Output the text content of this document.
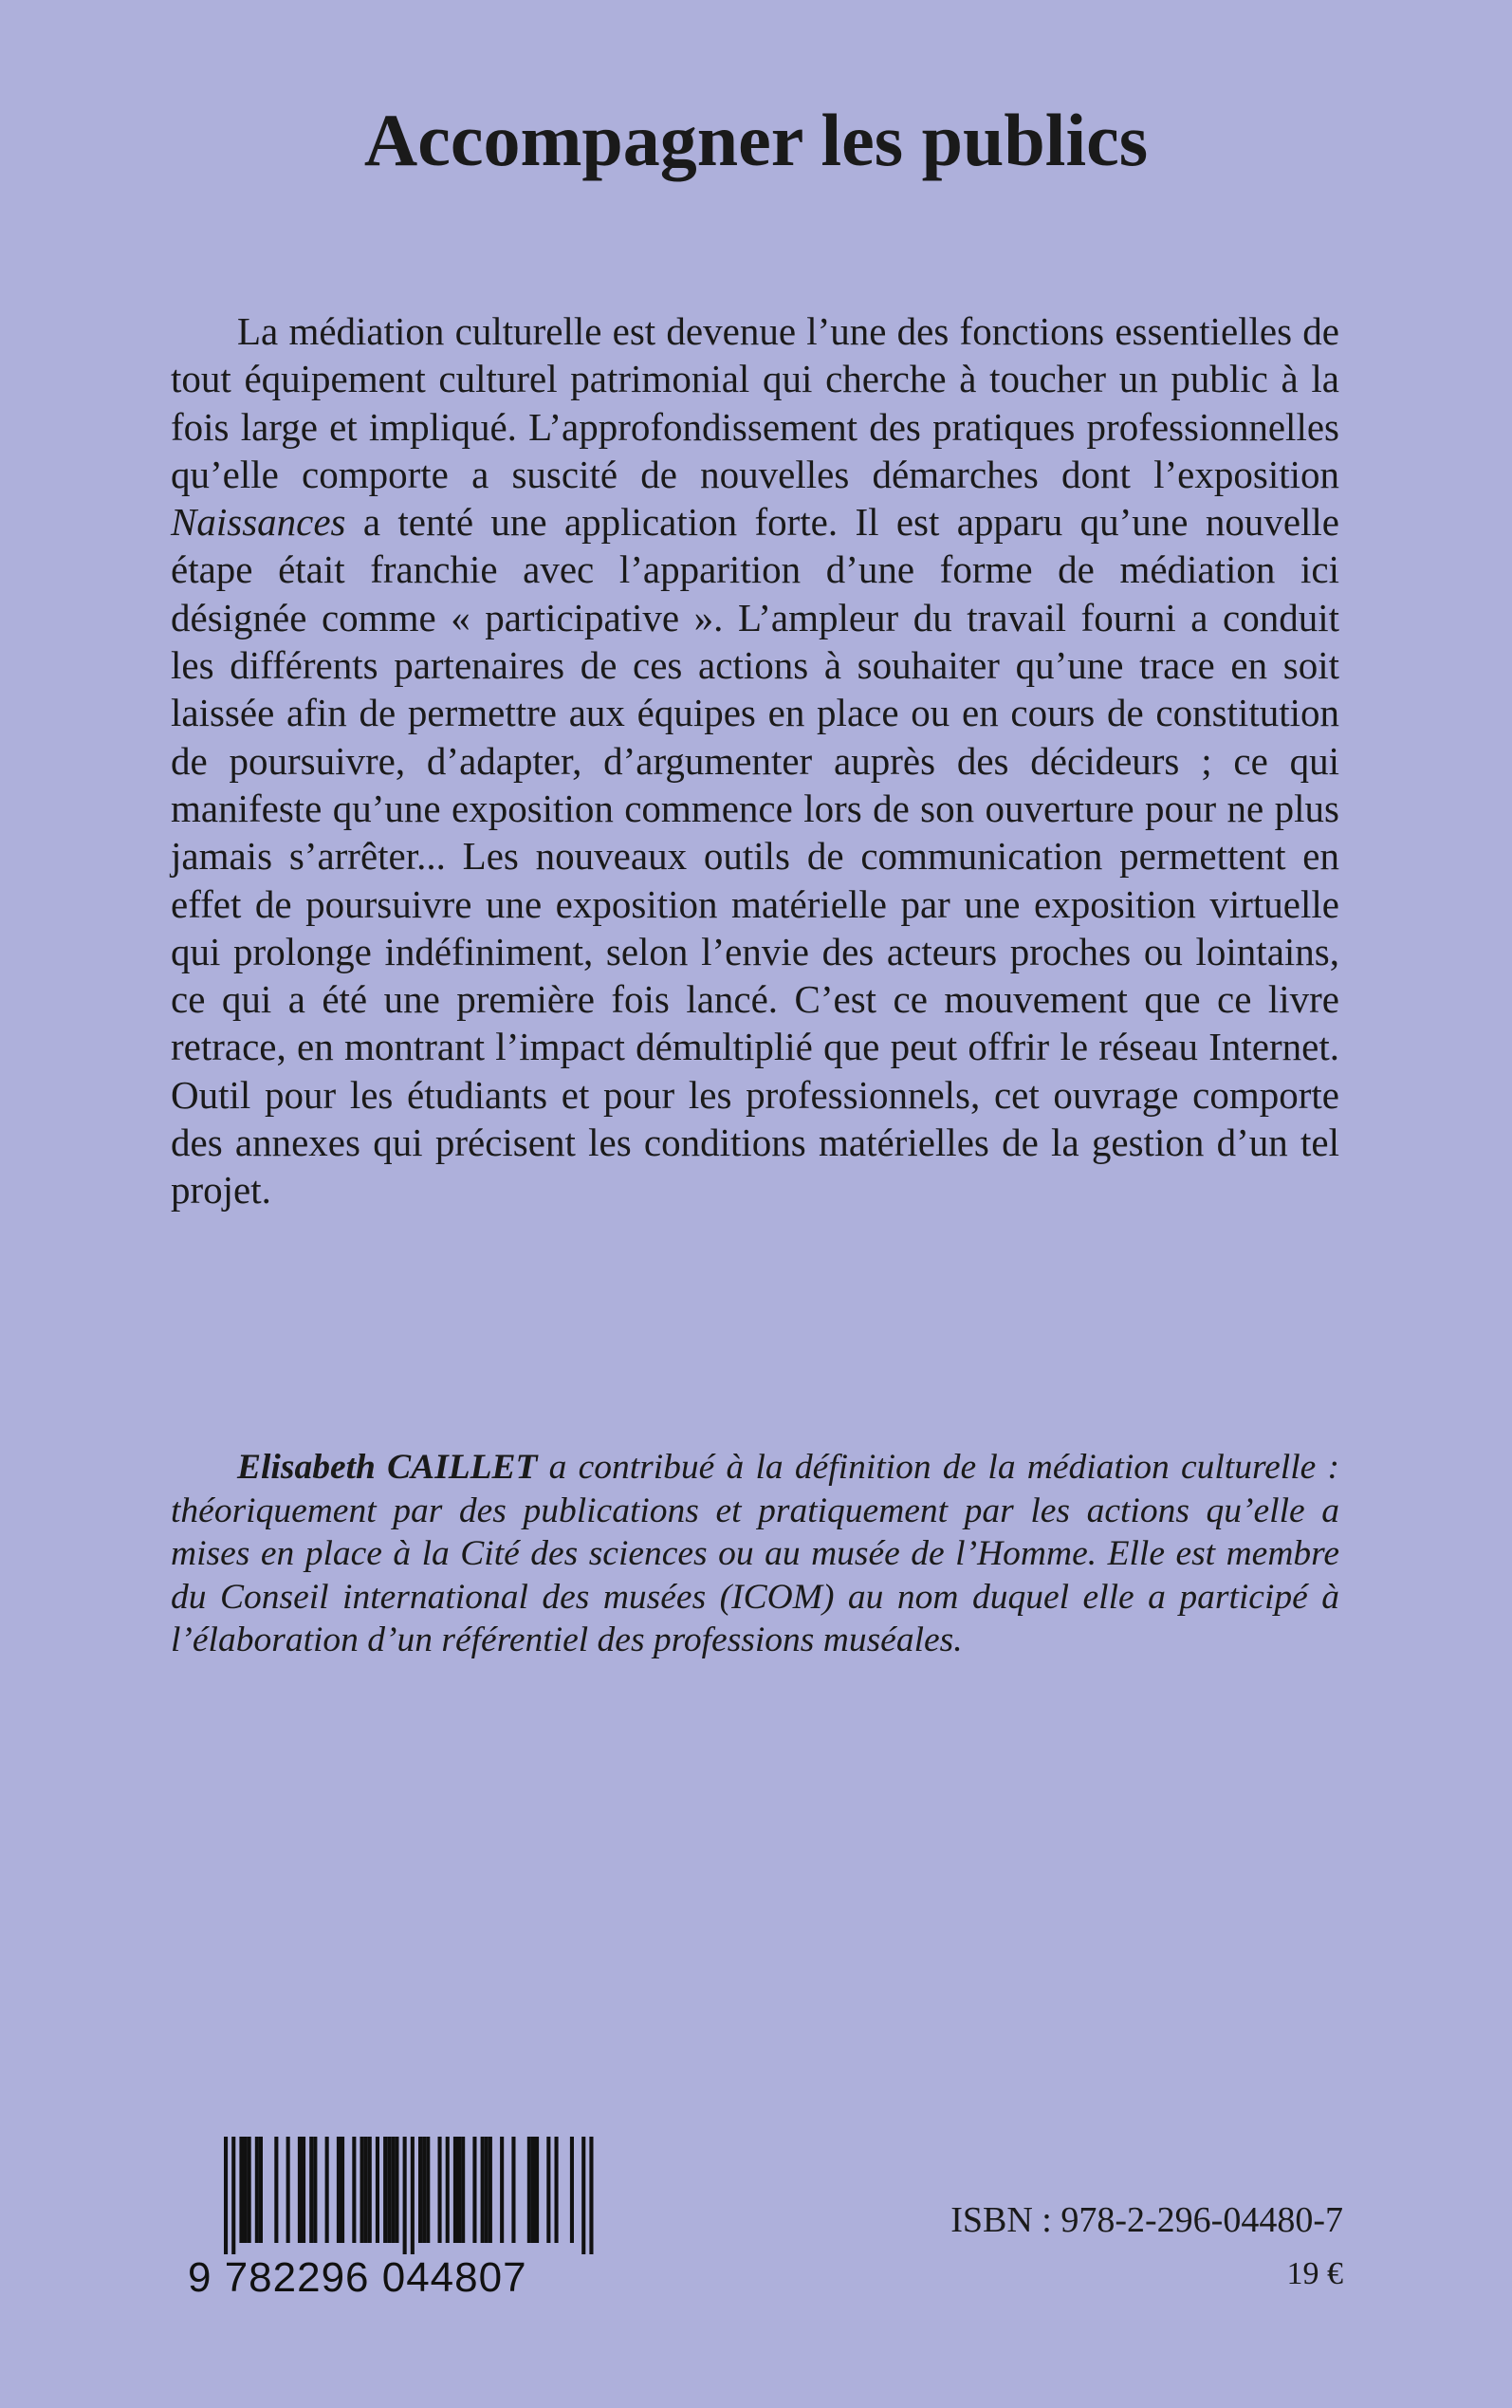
Accompagner les publics

La médiation culturelle est devenue l’une des fonctions essentielles de tout équipement culturel patrimonial qui cherche à toucher un public à la fois large et impliqué. L’approfondissement des pratiques professionnelles qu’elle comporte a suscité de nouvelles démarches dont l’exposition Naissances a tenté une application forte. Il est apparu qu’une nouvelle étape était franchie avec l’apparition d’une forme de médiation ici désignée comme « participative ». L’ampleur du travail fourni a conduit les différents partenaires de ces actions à souhaiter qu’une trace en soit laissée afin de permettre aux équipes en place ou en cours de constitution de poursuivre, d’adapter, d’argumenter auprès des décideurs ; ce qui manifeste qu’une exposition commence lors de son ouverture pour ne plus jamais s’arrêter... Les nouveaux outils de communication permettent en effet de poursuivre une exposition matérielle par une exposition virtuelle qui prolonge indéfiniment, selon l’envie des acteurs proches ou lointains, ce qui a été une première fois lancé. C’est ce mouvement que ce livre retrace, en montrant l’impact démultiplié que peut offrir le réseau Internet. Outil pour les étudiants et pour les professionnels, cet ouvrage comporte des annexes qui précisent les conditions matérielles de la gestion d’un tel projet.

Elisabeth CAILLET a contribué à la définition de la médiation culturelle : théoriquement par des publications et pratiquement par les actions qu’elle a mises en place à la Cité des sciences ou au musée de l’Homme. Elle est membre du Conseil international des musées (ICOM) au nom duquel elle a participé à l’élaboration d’un référentiel des professions muséales.

9 782296 044807
ISBN : 978-2-296-04480-7
19 €
